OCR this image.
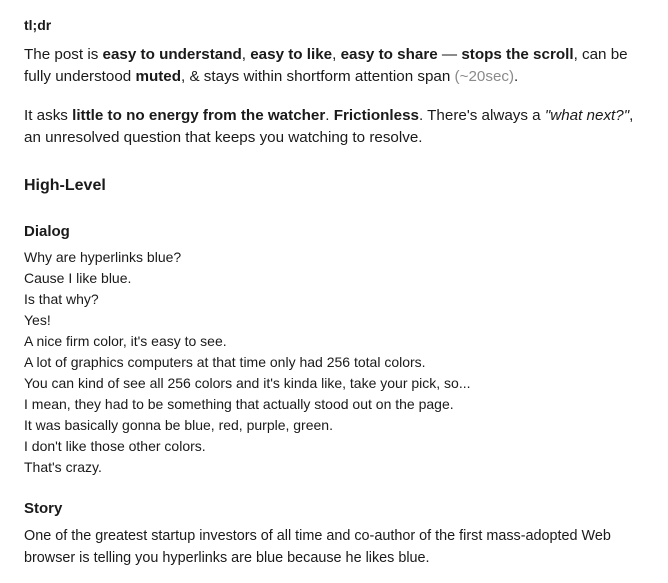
tl;dr

The post is easy to understand, easy to like, easy to share — stops the scroll, can be fully understood muted, & stays within shortform attention span (~20sec).

It asks little to no energy from the watcher. Frictionless. There's always a "what next?", an unresolved question that keeps you watching to resolve.

High-Level
Dialog
Why are hyperlinks blue?
Cause I like blue.
Is that why?
Yes!
A nice firm color, it's easy to see.
A lot of graphics computers at that time only had 256 total colors.
You can kind of see all 256 colors and it's kinda like, take your pick, so...
I mean, they had to be something that actually stood out on the page.
It was basically gonna be blue, red, purple, green.
I don't like those other colors.
That's crazy.
Story

One of the greatest startup investors of all time and co-author of the first mass-adopted Web browser is telling you hyperlinks are blue because he likes blue.
